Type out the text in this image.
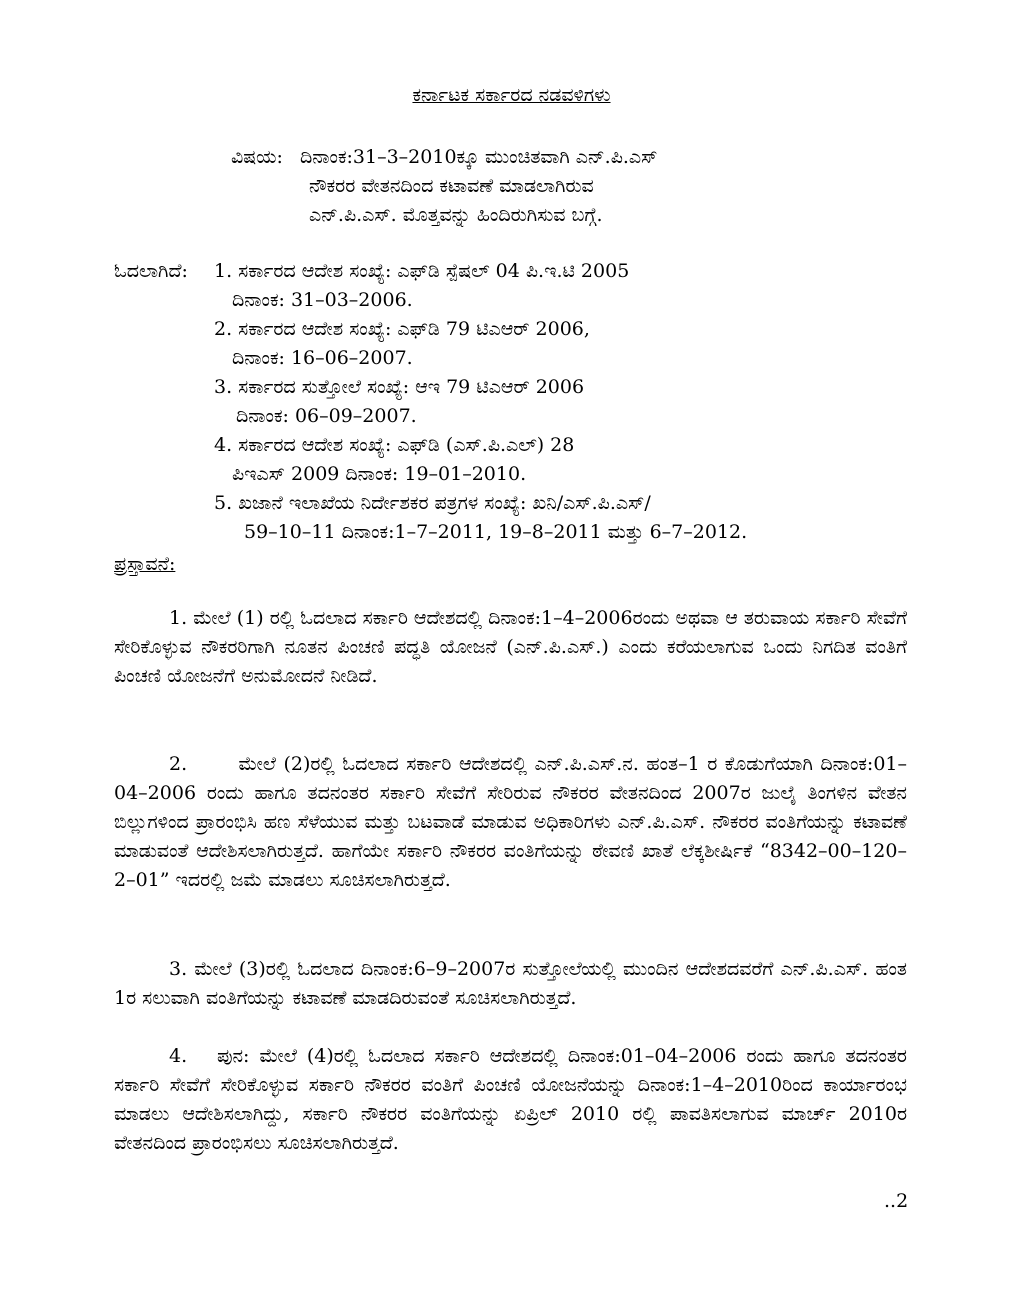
ಕರ್ನಾಟಕ ಸರ್ಕಾರದ ನಡವಳಿಗಳು
ವಿಷಯ: ದಿನಾಂಕ:31–3–2010ಕ್ಕೂ ಮುಂಚಿತವಾಗಿ ಎನ್.ಪಿ.ಎಸ್
ನೌಕರರ ವೇತನದಿಂದ ಕಟಾವಣೆ ಮಾಡಲಾಗಿರುವ
ಎನ್.ಪಿ.ಎಸ್. ಮೊತ್ತವನ್ನು ಹಿಂದಿರುಗಿಸುವ ಬಗ್ಗೆ.
ಓದಲಾಗಿದೆ: 1. ಸರ್ಕಾರದ ಆದೇಶ ಸಂಖ್ಯೆ: ಎಫ್‌ಡಿ ಸ್ಪೆಷಲ್ 04 ಪಿ.ಇ.ಟಿ 2005
ದಿನಾಂಕ: 31–03–2006.
2. ಸರ್ಕಾರದ ಆದೇಶ ಸಂಖ್ಯೆ: ಎಫ್‌ಡಿ 79 ಟಿಎಆರ್ 2006,
ದಿನಾಂಕ: 16–06–2007.
3. ಸರ್ಕಾರದ ಸುತ್ತೋಲೆ ಸಂಖ್ಯೆ: ಆಇ 79 ಟಿಎಆರ್ 2006
ದಿನಾಂಕ: 06–09–2007.
4. ಸರ್ಕಾರದ ಆದೇಶ ಸಂಖ್ಯೆ: ಎಫ್‌ಡಿ (ಎಸ್.ಪಿ.ಎಲ್) 28
ಪಿಇಎಸ್ 2009 ದಿನಾಂಕ: 19–01–2010.
5. ಖಜಾನೆ ಇಲಾಖೆಯ ನಿರ್ದೇಶಕರ ಪತ್ರಗಳ ಸಂಖ್ಯೆ: ಖನಿ/ಎಸ್.ಪಿ.ಎಸ್/
59–10–11 ದಿನಾಂಕ:1–7–2011, 19–8–2011 ಮತ್ತು 6–7–2012.
ಪ್ರಸ್ತಾವನೆ:
1. ಮೇಲೆ (1) ರಲ್ಲಿ ಓದಲಾದ ಸರ್ಕಾರಿ ಆದೇಶದಲ್ಲಿ ದಿನಾಂಕ:1–4–2006ರಂದು ಅಥವಾ ಆ ತರುವಾಯ ಸರ್ಕಾರಿ ಸೇವೆಗೆ ಸೇರಿಕೊಳ್ಳುವ ನೌಕರರಿಗಾಗಿ ನೂತನ ಪಿಂಚಣಿ ಪದ್ಧತಿ ಯೋಜನೆ (ಎನ್.ಪಿ.ಎಸ್.) ಎಂದು ಕರೆಯಲಾಗುವ ಒಂದು ನಿಗದಿತ ವಂತಿಗೆ ಪಿಂಚಣಿ ಯೋಜನೆಗೆ ಅನುಮೋದನೆ ನೀಡಿದೆ.
2.	ಮೇಲೆ (2)ರಲ್ಲಿ ಓದಲಾದ ಸರ್ಕಾರಿ ಆದೇಶದಲ್ಲಿ ಎನ್.ಪಿ.ಎಸ್.ನ. ಹಂತ–1 ರ ಕೊಡುಗೆಯಾಗಿ ದಿನಾಂಕ:01–04–2006 ರಂದು ಹಾಗೂ ತದನಂತರ ಸರ್ಕಾರಿ ಸೇವೆಗೆ ಸೇರಿರುವ ನೌಕರರ ವೇತನದಿಂದ 2007ರ ಜುಲೈ ತಿಂಗಳಿನ ವೇತನ ಬಿಲ್ಲುಗಳಿಂದ ಪ್ರಾರಂಭಿಸಿ ಹಣ ಸೆಳೆಯುವ ಮತ್ತು ಬಟವಾಡೆ ಮಾಡುವ ಅಧಿಕಾರಿಗಳು ಎನ್.ಪಿ.ಎಸ್. ನೌಕರರ ವಂತಿಗೆಯನ್ನು ಕಟಾವಣೆ ಮಾಡುವಂತೆ ಆದೇಶಿಸಲಾಗಿರುತ್ತದೆ. ಹಾಗೆಯೇ ಸರ್ಕಾರಿ ನೌಕರರ ವಂತಿಗೆಯನ್ನು ಠೇವಣಿ ಖಾತೆ ಲೆಕ್ಕಶೀರ್ಷಿಕೆ “8342–00–120–2–01” ಇದರಲ್ಲಿ ಜಮೆ ಮಾಡಲು ಸೂಚಿಸಲಾಗಿರುತ್ತದೆ.
3. ಮೇಲೆ (3)ರಲ್ಲಿ ಓದಲಾದ ದಿನಾಂಕ:6–9–2007ರ ಸುತ್ತೋಲೆಯಲ್ಲಿ ಮುಂದಿನ ಆದೇಶದವರೆಗೆ ಎನ್.ಪಿ.ಎಸ್. ಹಂತ 1ರ ಸಲುವಾಗಿ ವಂತಿಗೆಯನ್ನು ಕಟಾವಣೆ ಮಾಡದಿರುವಂತೆ ಸೂಚಿಸಲಾಗಿರುತ್ತದೆ.
4. ಪುನ: ಮೇಲೆ (4)ರಲ್ಲಿ ಓದಲಾದ ಸರ್ಕಾರಿ ಆದೇಶದಲ್ಲಿ ದಿನಾಂಕ:01–04–2006 ರಂದು ಹಾಗೂ ತದನಂತರ ಸರ್ಕಾರಿ ಸೇವೆಗೆ ಸೇರಿಕೊಳ್ಳುವ ಸರ್ಕಾರಿ ನೌಕರರ ವಂತಿಗೆ ಪಿಂಚಣಿ ಯೋಜನೆಯನ್ನು ದಿನಾಂಕ:1–4–2010ರಿಂದ ಕಾರ್ಯಾರಂಭ ಮಾಡಲು ಆದೇಶಿಸಲಾಗಿದ್ದು, ಸರ್ಕಾರಿ ನೌಕರರ ವಂತಿಗೆಯನ್ನು ಏಪ್ರಿಲ್ 2010 ರಲ್ಲಿ ಪಾವತಿಸಲಾಗುವ ಮಾರ್ಚ್ 2010ರ ವೇತನದಿಂದ ಪ್ರಾರಂಭಿಸಲು ಸೂಚಿಸಲಾಗಿರುತ್ತದೆ.
..2
